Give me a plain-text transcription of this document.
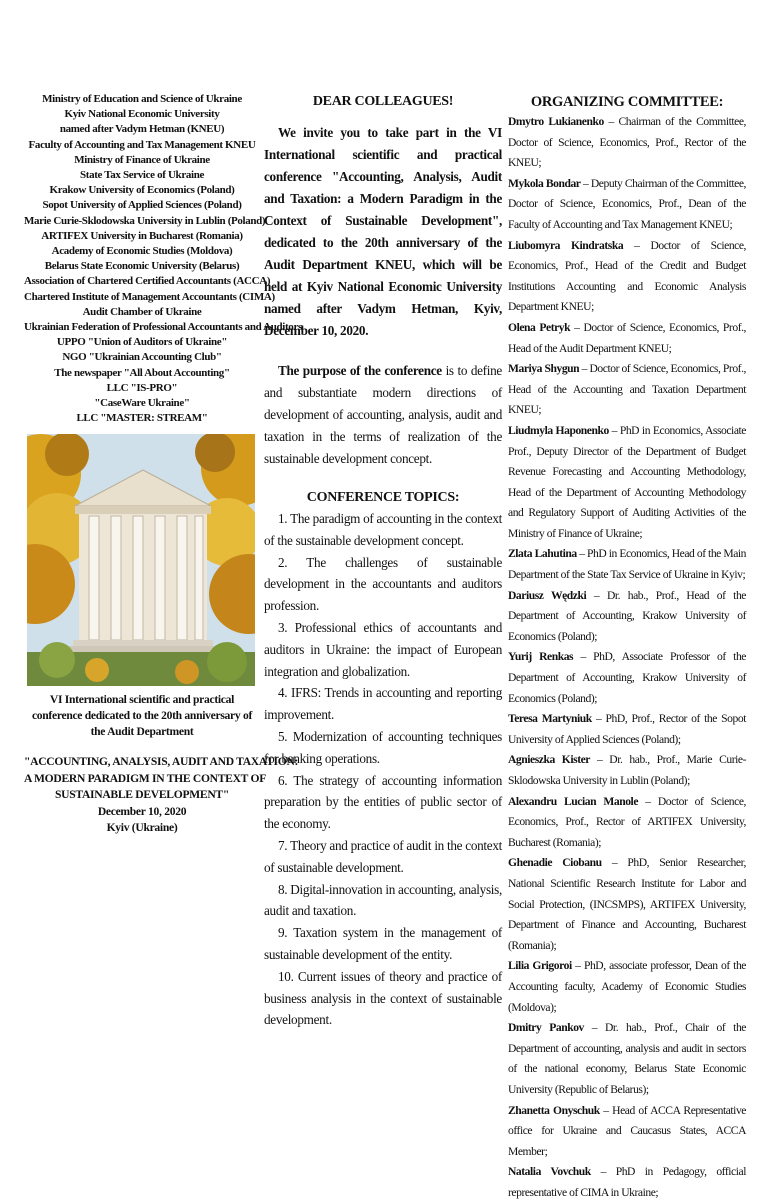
Ministry of Education and Science of Ukraine
Kyiv National Economic University
named after Vadym Hetman (KNEU)
Faculty of Accounting and Tax Management KNEU
Ministry of Finance of Ukraine
State Tax Service of Ukraine
Krakow University of Economics (Poland)
Sopot University of Applied Sciences (Poland)
Marie Curie-Sklodowska University in Lublin (Poland)
ARTIFEX University in Bucharest (Romania)
Academy of Economic Studies (Moldova)
Belarus State Economic University (Belarus)
Association of Chartered Certified Accountants (ACCA)
Chartered Institute of Management Accountants (CIMA)
Audit Chamber of Ukraine
Ukrainian Federation of Professional Accountants and Auditors
UPPO "Union of Auditors of Ukraine"
NGO "Ukrainian Accounting Club"
The newspaper "All About Accounting"
LLC "IS-PRO"
"CaseWare Ukraine"
LLC "MASTER: STREAM"
VI International scientific and practical conference dedicated to the 20th anniversary of the Audit Department
"ACCOUNTING, ANALYSIS, AUDIT AND TAXATION:
A MODERN PARADIGM IN THE CONTEXT OF
SUSTAINABLE DEVELOPMENT"
December 10, 2020
Kyiv (Ukraine)
DEAR COLLEAGUES!

We invite you to take part in the VI International scientific and practical conference "Accounting, Analysis, Audit and Taxation: a Modern Paradigm in the Context of Sustainable Development", dedicated to the 20th anniversary of the Audit Department KNEU, which will be held at Kyiv National Economic University named after Vadym Hetman, Kyiv, December 10, 2020.

The purpose of the conference is to define and substantiate modern directions of development of accounting, analysis, audit and taxation in the terms of realization of the sustainable development concept.

CONFERENCE TOPICS:
1. The paradigm of accounting in the context of the sustainable development concept.
2. The challenges of sustainable development in the accountants and auditors profession.
3. Professional ethics of accountants and auditors in Ukraine: the impact of European integration and globalization.
4. IFRS: Trends in accounting and reporting improvement.
5. Modernization of accounting techniques for banking operations.
6. The strategy of accounting information preparation by the entities of public sector of the economy.
7. Theory and practice of audit in the context of sustainable development.
8. Digital-innovation in accounting, analysis, audit and taxation.
9. Taxation system in the management of sustainable development of the entity.
10. Current issues of theory and practice of business analysis in the context of sustainable development.
ORGANIZING COMMITTEE:
Dmytro Lukianenko – Chairman of the Committee, Doctor of Science, Economics, Prof., Rector of the KNEU;
Mykola Bondar – Deputy Chairman of the Committee, Doctor of Science, Economics, Prof., Dean of the Faculty of Accounting and Tax Management KNEU;
Liubomyra Kindratska – Doctor of Science, Economics, Prof., Head of the Credit and Budget Institutions Accounting and Economic Analysis Department KNEU;
Olena Petryk – Doctor of Science, Economics, Prof., Head of the Audit Department KNEU;
Mariya Shygun – Doctor of Science, Economics, Prof., Head of the Accounting and Taxation Department KNEU;
Liudmyla Haponenko – PhD in Economics, Associate Prof., Deputy Director of the Department of Budget Revenue Forecasting and Accounting Methodology, Head of the Department of Accounting Methodology and Regulatory Support of Auditing Activities of the Ministry of Finance of Ukraine;
Zlata Lahutina – PhD in Economics, Head of the Main Department of the State Tax Service of Ukraine in Kyiv;
Dariusz Wędzki – Dr. hab., Prof., Head of the Department of Accounting, Krakow University of Economics (Poland);
Yurij Renkas – PhD, Associate Professor of the Department of Accounting, Krakow University of Economics (Poland);
Teresa Martyniuk – PhD, Prof., Rector of the Sopot University of Applied Sciences (Poland);
Agnieszka Kister – Dr. hab., Prof., Marie Curie-Sklodowska University in Lublin (Poland);
Alexandru Lucian Manole – Doctor of Science, Economics, Prof., Rector of ARTIFEX University, Bucharest (Romania);
Ghenadie Ciobanu – PhD, Senior Researcher, National Scientific Research Institute for Labor and Social Protection, (INCSMPS), ARTIFEX University, Department of Finance and Accounting, Bucharest (Romania);
Lilia Grigoroi – PhD, associate professor, Dean of the Accounting faculty, Academy of Economic Studies (Moldova);
Dmitry Pankov – Dr. hab., Prof., Chair of the Department of accounting, analysis and audit in sectors of the national economy, Belarus State Economic University (Republic of Belarus);
Zhanetta Onyschuk – Head of ACCA Representative office for Ukraine and Caucasus States, ACCA Member;
Natalia Vovchuk – PhD in Pedagogy, official representative of CIMA in Ukraine;
